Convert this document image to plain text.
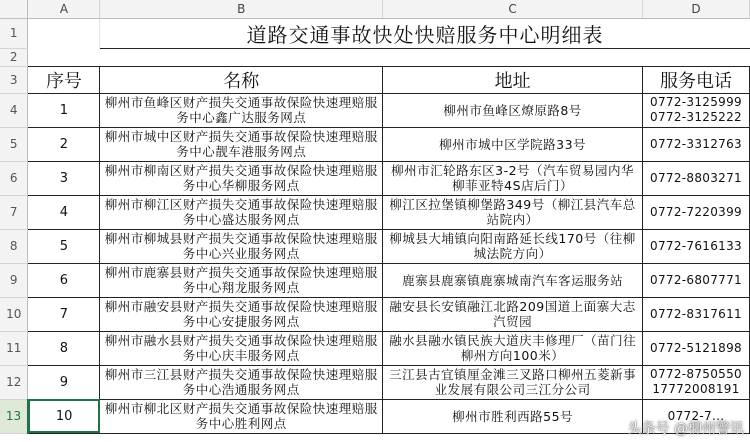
	A	B	C	D
1		道路交通事故快处快赔服务中心明细表		
2				
3	序号	名称	地址	服务电话
4	1	柳州市鱼峰区财产损失交通事故保险快速理赔服务中心鑫广达服务网点	柳州市鱼峰区燎原路8号	0772-3125999
0772-3125222
5	2	柳州市城中区财产损失交通事故保险快速理赔服务中心靓车港服务网点	柳州市城中区学院路33号	0772-3312763
6	3	柳州市柳南区财产损失交通事故保险快速理赔服务中心华柳服务网点	柳州市汇轮路东区3-2号（汽车贸易园内华柳菲亚特4S店后门）	0772-8803271
7	4	柳州市柳江区财产损失交通事故保险快速理赔服务中心盛达服务网点	柳江区拉堡镇柳堡路349号（柳江县汽车总站院内）	0772-7220399
8	5	柳州市柳城县财产损失交通事故保险快速理赔服务中心兴业服务网点	柳城县大埔镇向阳南路延长线170号（往柳城法院方向）	0772-7616133
9	6	柳州市鹿寨县财产损失交通事故保险快速理赔服务中心翔龙服务网点	鹿寨县鹿寨镇鹿寨城南汽车客运服务站	0772-6807771
10	7	柳州市融安县财产损失交通事故保险快速理赔服务中心安捷服务网点	融安县长安镇融江北路209国道上面寨大志汽贸园	0772-8317611
11	8	柳州市融水县财产损失交通事故保险快速理赔服务中心庆丰服务网点	融水县融水镇民族大道庆丰修理厂（苗门往柳州方向100米）	0772-5121898
12	9	柳州市三江县财产损失交通事故保险快速理赔服务中心浩通服务网点	三江县古宜镇厘金滩三叉路口柳州五菱新事业发展有限公司三江分公司	0772-8750550
17772008191
13	10	柳州市柳北区财产损失交通事故保险快速理赔服务中心胜利网点	柳州市胜利西路55号	0772-7...
头条号 @柳州警讯
